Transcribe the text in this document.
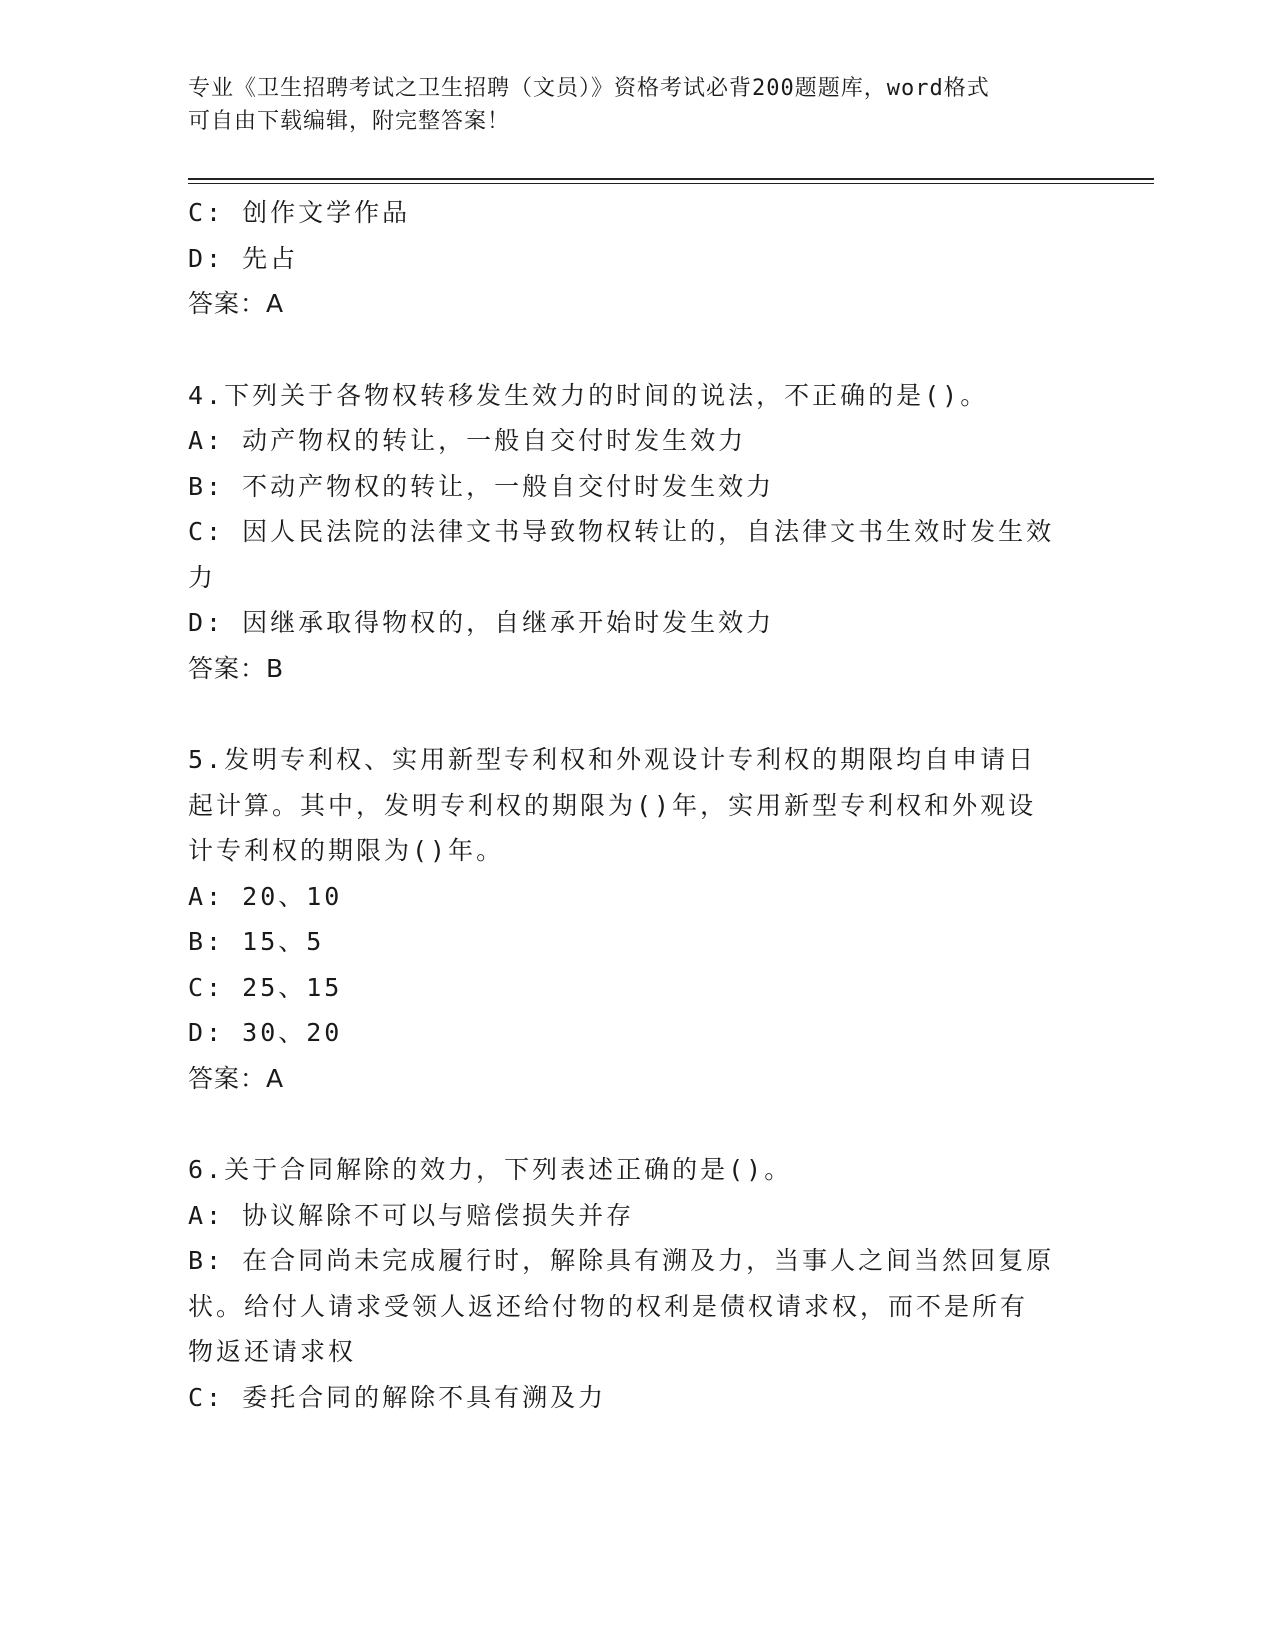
专业《卫生招聘考试之卫生招聘（文员）》资格考试必背200题题库，word格式
可自由下载编辑，附完整答案！
C: 创作文学作品
D: 先占
答案：A
4.下列关于各物权转移发生效力的时间的说法，不正确的是()。
A: 动产物权的转让，一般自交付时发生效力
B: 不动产物权的转让，一般自交付时发生效力
C: 因人民法院的法律文书导致物权转让的，自法律文书生效时发生效
力
D: 因继承取得物权的，自继承开始时发生效力
答案：B
5.发明专利权、实用新型专利权和外观设计专利权的期限均自申请日
起计算。其中，发明专利权的期限为()年，实用新型专利权和外观设
计专利权的期限为()年。
A: 20、10
B: 15、5
C: 25、15
D: 30、20
答案：A
6.关于合同解除的效力，下列表述正确的是()。
A: 协议解除不可以与赔偿损失并存
B: 在合同尚未完成履行时，解除具有溯及力，当事人之间当然回复原
状。给付人请求受领人返还给付物的权利是债权请求权，而不是所有
物返还请求权
C: 委托合同的解除不具有溯及力
